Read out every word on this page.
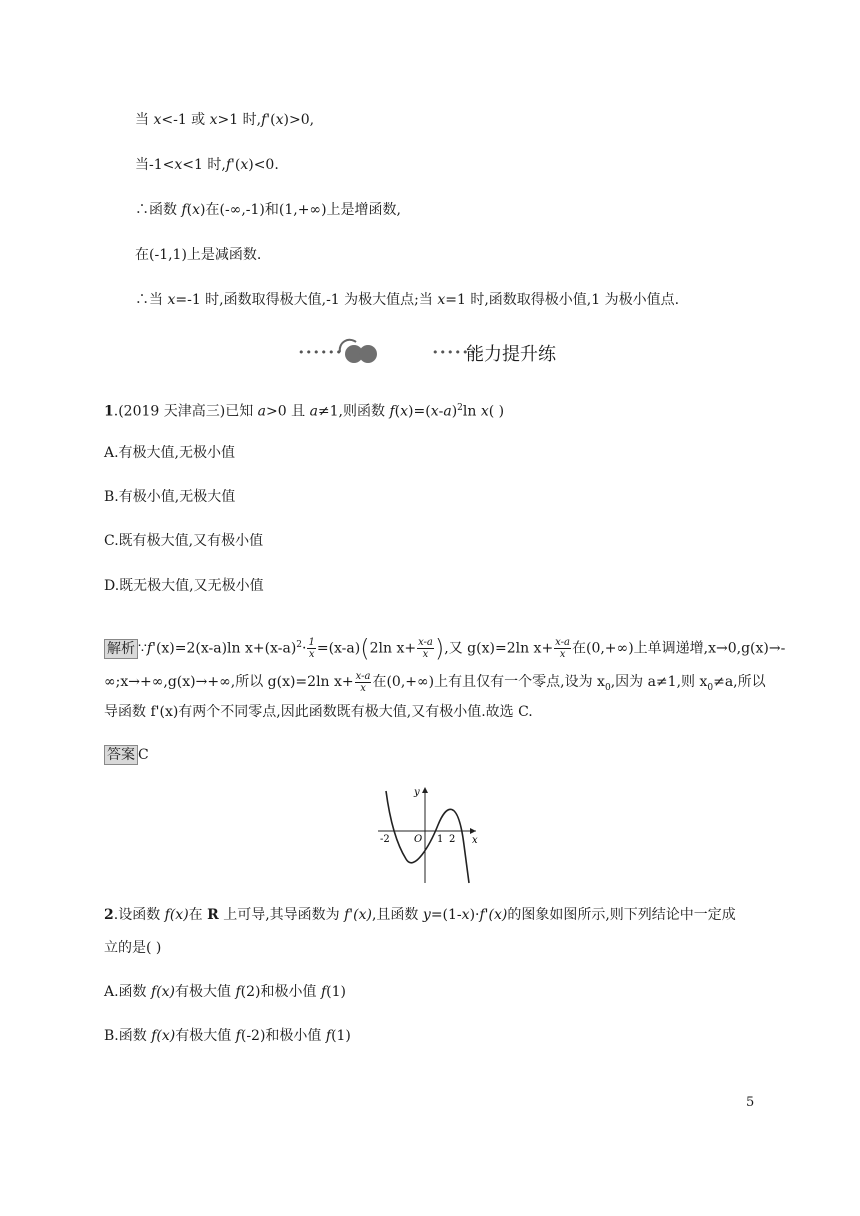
当 x<-1 或 x>1 时,f'(x)>0,
当-1<x<1 时,f'(x)<0.
∴函数 f(x)在(-∞,-1)和(1,+∞)上是增函数,
在(-1,1)上是减函数.
∴当 x=-1 时,函数取得极大值,-1 为极大值点;当 x=1 时,函数取得极小值,1 为极小值点.
••••••	••••••
能力提升练
1.(2019 天津高三)已知 a>0 且 a≠1,则函数 $f(x)=(x-a)^2\ln$ x( )
A.有极大值,无极小值
B.有极小值,无极大值
C.既有极大值,又有极小值
D.既无极大值,又无极小值
解析 ∵f'(x)=2(x-a)ln $x+(x-a)^2\cdot \frac{1}{x} =(x-a)(2\ln$ $x+ \frac{x-a}{x}$ ),又 g(x)=2ln $x+ \frac{x-a}{x}$ 在(0,+∞)上单调递增,x→0,g(x)→-
∞;x→+∞,g(x)→+∞,所以 g(x)=2ln $x+ \frac{x-a}{x}$ 在(0,+∞)上有且仅有一个零点,设为 $x_0$,因为 a≠1,则 $x_0\ne a$,所以
导函数 f'(x)有两个不同零点,因此函数既有极大值,又有极小值.故选 C.
答案 C
y
x
O
-2	1 2
2.设函数 f(x)在 R 上可导,其导函数为 f'(x),且函数 y=(1-x)·f'(x)的图象如图所示,则下列结论中一定成
立的是( )
A.函数 f(x)有极大值 f(2)和极小值 f(1)
B.函数 f(x)有极大值 f(-2)和极小值 f(1)
5
